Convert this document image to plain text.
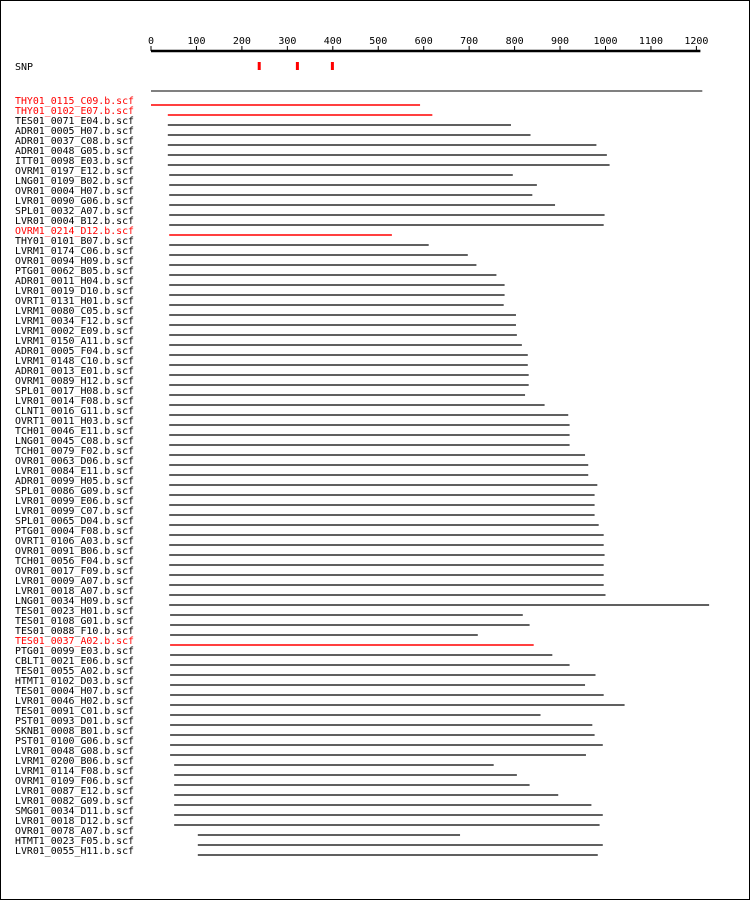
0	100	200	300	400	500	600	700	800	900 1000 1100 1200
SNP
THY01_0115_C09.b.scf
THY01_0102_E07.b.scf
TES01_0071_E04.b.scf
ADR01_0005_H07.b.scf
ADR01_0037_C08.b.scf
ADR01_0048_G05.b.scf
ITT01_0098_E03.b.scf
OVRM1_0197_E12.b.scf
LNG01_0109_B02.b.scf
OVR01_0004_H07.b.scf
LVR01_0090_G06.b.scf
SPL01_0032_A07.b.scf
LVR01_0004_B12.b.scf
OVRM1_0214_D12.b.scf
THY01_0101_B07.b.scf
LVRM1_0174_C06.b.scf
OVR01_0094_H09.b.scf
PTG01_0062_B05.b.scf
ADR01_0011_H04.b.scf
LVR01_0019_D10.b.scf
OVRT1_0131_H01.b.scf
LVRM1_0080_C05.b.scf
LVRM1_0034_F12.b.scf
LVRM1_0002_E09.b.scf
LVRM1_0150_A11.b.scf
ADR01_0005_F04.b.scf
LVRM1_0148_C10.b.scf
ADR01_0013_E01.b.scf
OVRM1_0089_H12.b.scf
SPL01_0017_H08.b.scf
LVR01_0014_F08.b.scf
CLNT1_0016_G11.b.scf
OVRT1_0011_H03.b.scf
TCH01_0046_E11.b.scf
LNG01_0045_C08.b.scf
TCH01_0079_F02.b.scf
OVR01_0063_D06.b.scf
LVR01_0084_E11.b.scf
ADR01_0099_H05.b.scf
SPL01_0086_G09.b.scf
LVR01_0099_E06.b.scf
LVR01_0099_C07.b.scf
SPL01_0065_D04.b.scf
PTG01_0004_F08.b.scf
OVRT1_0106_A03.b.scf
OVR01_0091_B06.b.scf
TCH01_0056_F04.b.scf
OVR01_0017_F09.b.scf
LVR01_0009_A07.b.scf
LVR01_0018_A07.b.scf
LNG01_0034_H09.b.scf
TES01_0023_H01.b.scf
TES01_0108_G01.b.scf
TES01_0088_F10.b.scf
TES01_0037_A02.b.scf
PTG01_0099_E03.b.scf
CBLT1_0021_E06.b.scf
TES01_0055_A02.b.scf
HTMT1_0102_D03.b.scf
TES01_0004_H07.b.scf
LVR01_0046_H02.b.scf
TES01_0091_C01.b.scf
PST01_0093_D01.b.scf
SKNB1_0008_B01.b.scf
PST01_0100_G06.b.scf
LVR01_0048_G08.b.scf
LVRM1_0200_B06.b.scf
LVRM1_0114_F08.b.scf
OVRM1_0109_F06.b.scf
LVR01_0087_E12.b.scf
LVR01_0082_G09.b.scf
SMG01_0034_D11.b.scf
LVR01_0018_D12.b.scf
OVR01_0078_A07.b.scf
HTMT1_0023_F05.b.scf
LVR01_0055_H11.b.scf
